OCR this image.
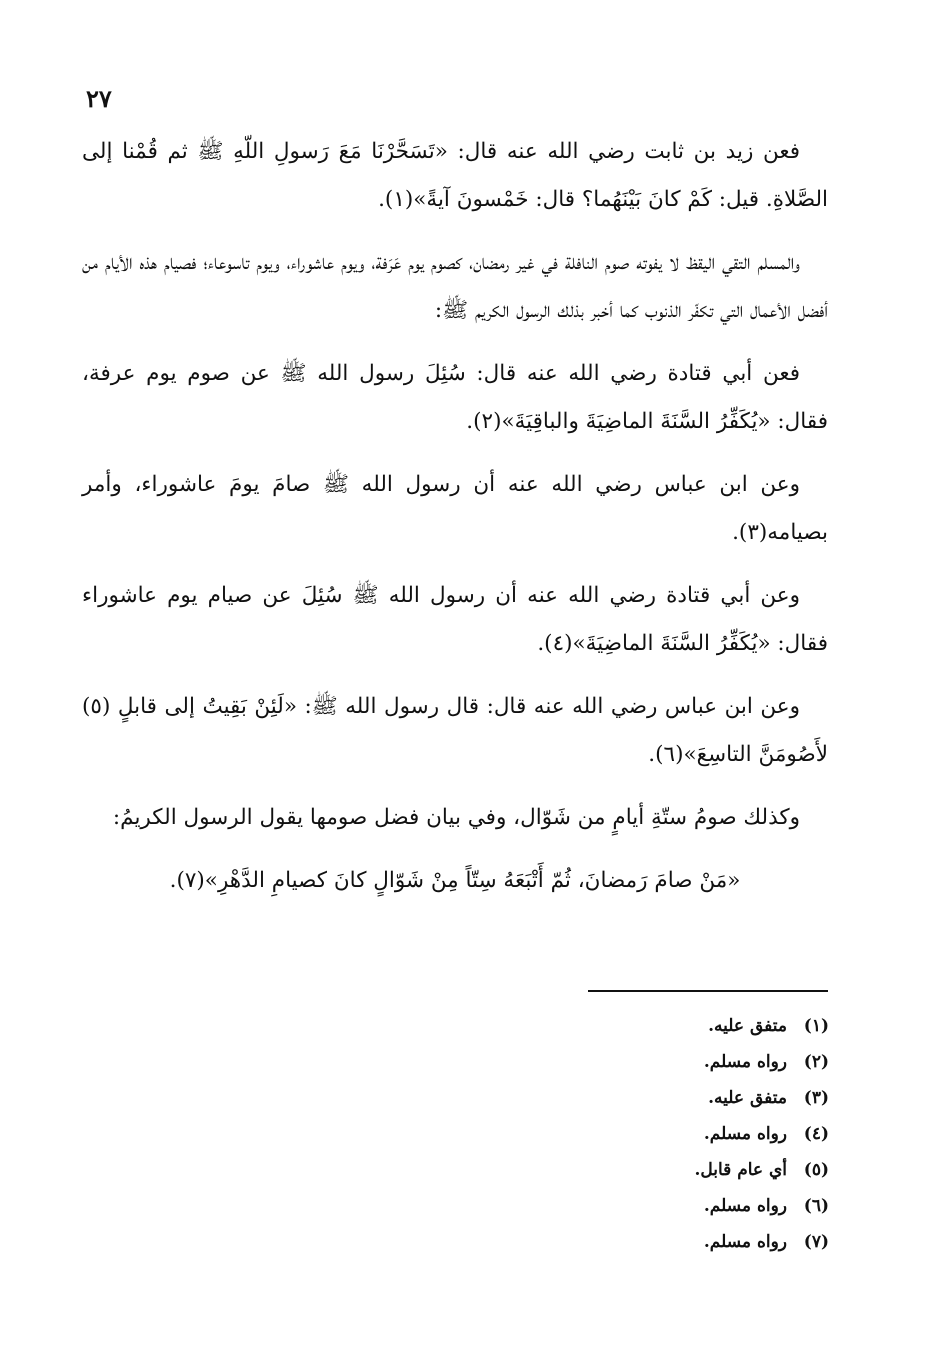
٢٧

فعن زيد بن ثابت رضي الله عنه قال: «تَسَحَّرْنَا مَعَ رَسولِ اللّهِ ﷺ ثم قُمْنا إلى الصَّلاةِ. قيل: كَمْ كانَ بَيْنَهُما؟ قال: خَمْسونَ آيةً»(١).

والمسلم التقي اليقظ لا يفوته صوم النافلة في غير رمضان، كصوم يوم عَرَفة، ويوم عاشوراء، ويوم تاسوعاء؛ فصيام هذه الأيام من أفضل الأعمال التي تكفّر الذنوب كما أخبر بذلك الرسول الكريم ﷺ:

فعن أبي قتادة رضي الله عنه قال: سُئِلَ رسول الله ﷺ عن صوم يوم عرفة، فقال: «يُكَفِّرُ السَّنَةَ الماضِيَةَ والباقِيَةَ»(٢).

وعن ابن عباس رضي الله عنه أن رسول الله ﷺ صامَ يومَ عاشوراء، وأمر بصيامه(٣).

وعن أبي قتادة رضي الله عنه أن رسول الله ﷺ سُئِلَ عن صيام يوم عاشوراء فقال: «يُكَفِّرُ السَّنَةَ الماضِيَةَ»(٤).

وعن ابن عباس رضي الله عنه قال: قال رسول الله ﷺ: «لَئِنْ بَقِيتُ إلى قابلٍ (٥) لأَصُومَنَّ التاسِعَ»(٦).

وكذلك صومُ ستّةِ أيامٍ من شَوّال، وفي بيان فضل صومها يقول الرسول الكريمُ:

«مَنْ صامَ رَمضانَ، ثُمّ أَتْبَعَهُ سِتّاً مِنْ شَوّالٍ كانَ كصيامِ الدَّهْرِ»(٧).

(١)متفق عليه.
(٢)رواه مسلم.
(٣)متفق عليه.
(٤)رواه مسلم.
(٥)أي عام قابل.
(٦)رواه مسلم.
(٧)رواه مسلم.
